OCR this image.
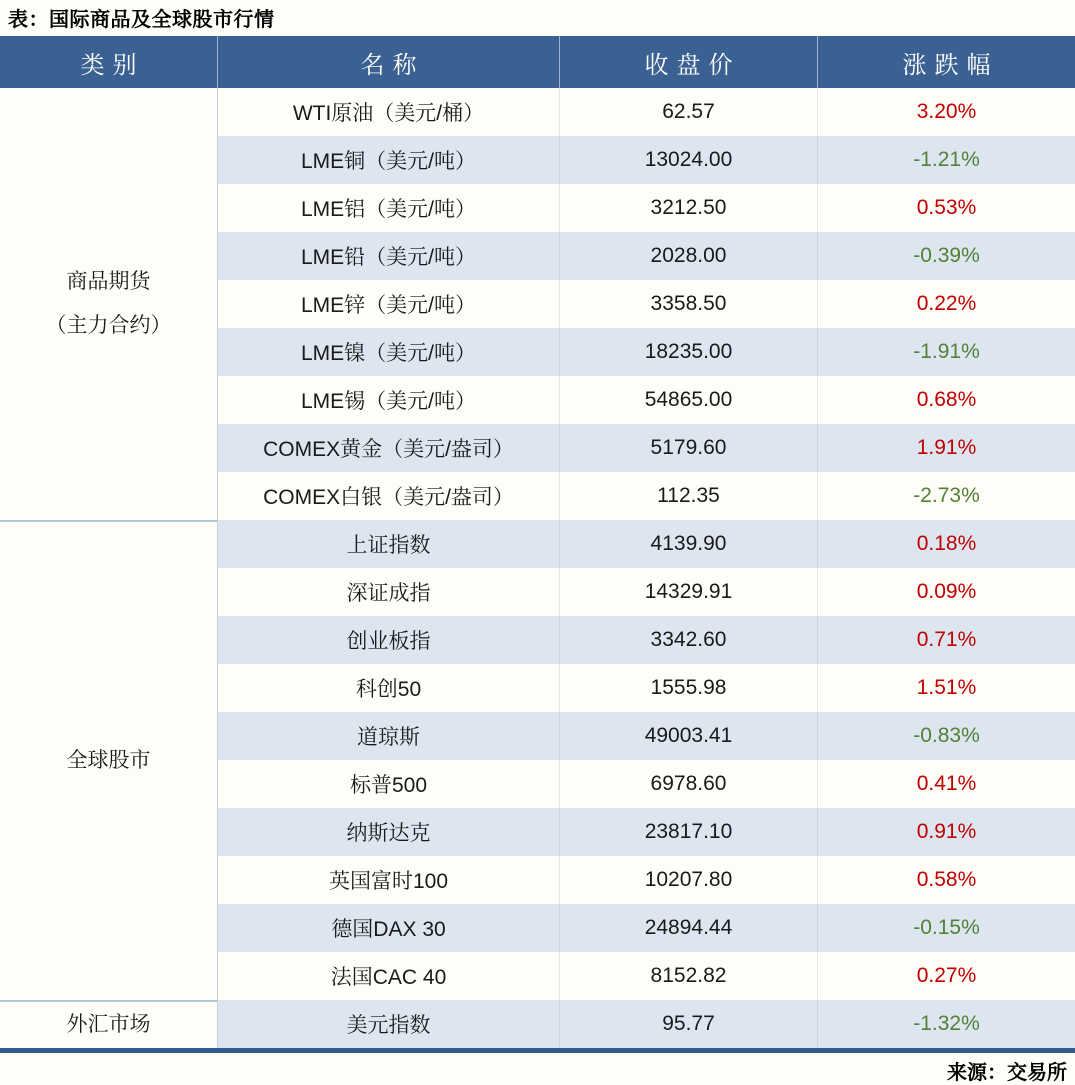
表：国际商品及全球股市行情
类别	名称	收盘价	涨跌幅
商品期货
（主力合约）
WTI原油（美元/桶）	62.57	3.20%
LME铜（美元/吨）	13024.00	-1.21%
LME铝（美元/吨）	3212.50	0.53%
LME铅（美元/吨）	2028.00	-0.39%
LME锌（美元/吨）	3358.50	0.22%
LME镍（美元/吨）	18235.00	-1.91%
LME锡（美元/吨）	54865.00	0.68%
COMEX黄金（美元/盎司）	5179.60	1.91%
COMEX白银（美元/盎司）	112.35	-2.73%
全球股市
上证指数	4139.90	0.18%
深证成指	14329.91	0.09%
创业板指	3342.60	0.71%
科创50	1555.98	1.51%
道琼斯	49003.41	-0.83%
标普500	6978.60	0.41%
纳斯达克	23817.10	0.91%
英国富时100	10207.80	0.58%
德国DAX 30	24894.44	-0.15%
法国CAC 40	8152.82	0.27%
外汇市场	美元指数	95.77	-1.32%
来源：交易所
